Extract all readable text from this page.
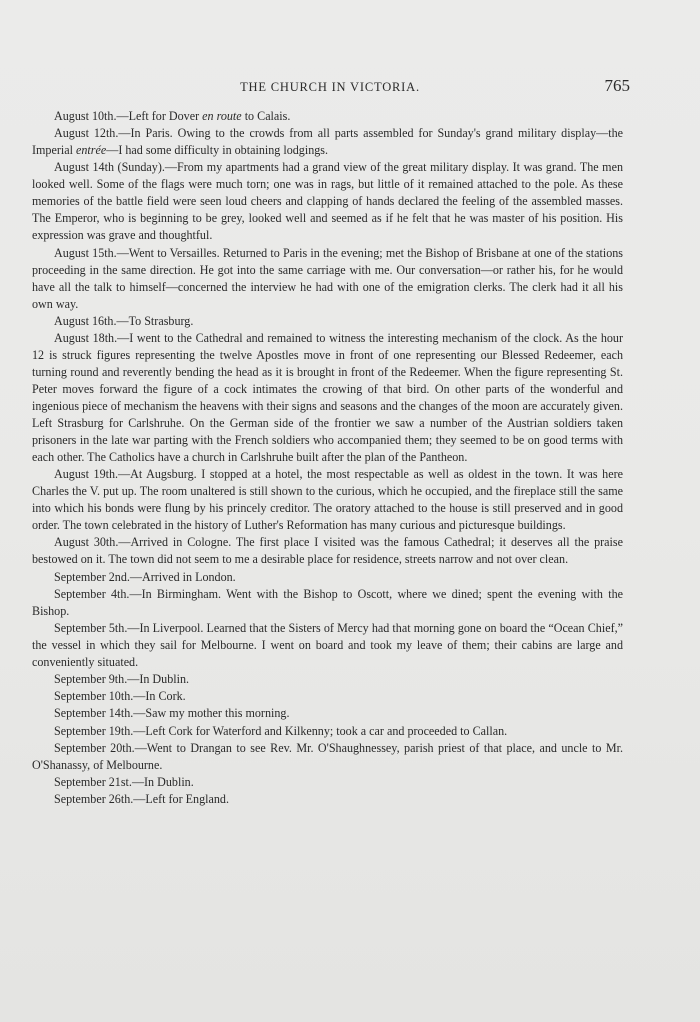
THE CHURCH IN VICTORIA.	765

August 10th.—Left for Dover en route to Calais.

August 12th.—In Paris. Owing to the crowds from all parts assembled for Sunday's grand military display—the Imperial entrée—I had some difficulty in obtaining lodgings.

August 14th (Sunday).—From my apartments had a grand view of the great military display. It was grand. The men looked well. Some of the flags were much torn; one was in rags, but little of it remained attached to the pole. As these memories of the battle field were seen loud cheers and clapping of hands declared the feeling of the assembled masses. The Emperor, who is beginning to be grey, looked well and seemed as if he felt that he was master of his position. His expression was grave and thoughtful.

August 15th.—Went to Versailles. Returned to Paris in the evening; met the Bishop of Brisbane at one of the stations proceeding in the same direction. He got into the same carriage with me. Our conversation—or rather his, for he would have all the talk to himself—concerned the interview he had with one of the emigration clerks. The clerk had it all his own way.

August 16th.—To Strasburg.

August 18th.—I went to the Cathedral and remained to witness the interesting mechanism of the clock. As the hour 12 is struck figures representing the twelve Apostles move in front of one representing our Blessed Redeemer, each turning round and reverently bending the head as it is brought in front of the Redeemer. When the figure representing St. Peter moves forward the figure of a cock intimates the crowing of that bird. On other parts of the wonderful and ingenious piece of mechanism the heavens with their signs and seasons and the changes of the moon are accurately given. Left Strasburg for Carlshruhe. On the German side of the frontier we saw a number of the Austrian soldiers taken prisoners in the late war parting with the French soldiers who accompanied them; they seemed to be on good terms with each other. The Catholics have a church in Carlshruhe built after the plan of the Pantheon.

August 19th.—At Augsburg. I stopped at a hotel, the most respectable as well as oldest in the town. It was here Charles the V. put up. The room unaltered is still shown to the curious, which he occupied, and the fireplace still the same into which his bonds were flung by his princely creditor. The oratory attached to the house is still preserved and in good order. The town celebrated in the history of Luther's Reformation has many curious and picturesque buildings.

August 30th.—Arrived in Cologne. The first place I visited was the famous Cathedral; it deserves all the praise bestowed on it. The town did not seem to me a desirable place for residence, streets narrow and not over clean.

September 2nd.—Arrived in London.

September 4th.—In Birmingham. Went with the Bishop to Oscott, where we dined; spent the evening with the Bishop.

September 5th.—In Liverpool. Learned that the Sisters of Mercy had that morning gone on board the “Ocean Chief,” the vessel in which they sail for Melbourne. I went on board and took my leave of them; their cabins are large and conveniently situated.

September 9th.—In Dublin.

September 10th.—In Cork.

September 14th.—Saw my mother this morning.

September 19th.—Left Cork for Waterford and Kilkenny; took a car and proceeded to Callan.

September 20th.—Went to Drangan to see Rev. Mr. O'Shaughnessey, parish priest of that place, and uncle to Mr. O'Shanassy, of Melbourne.

September 21st.—In Dublin.

September 26th.—Left for England.
